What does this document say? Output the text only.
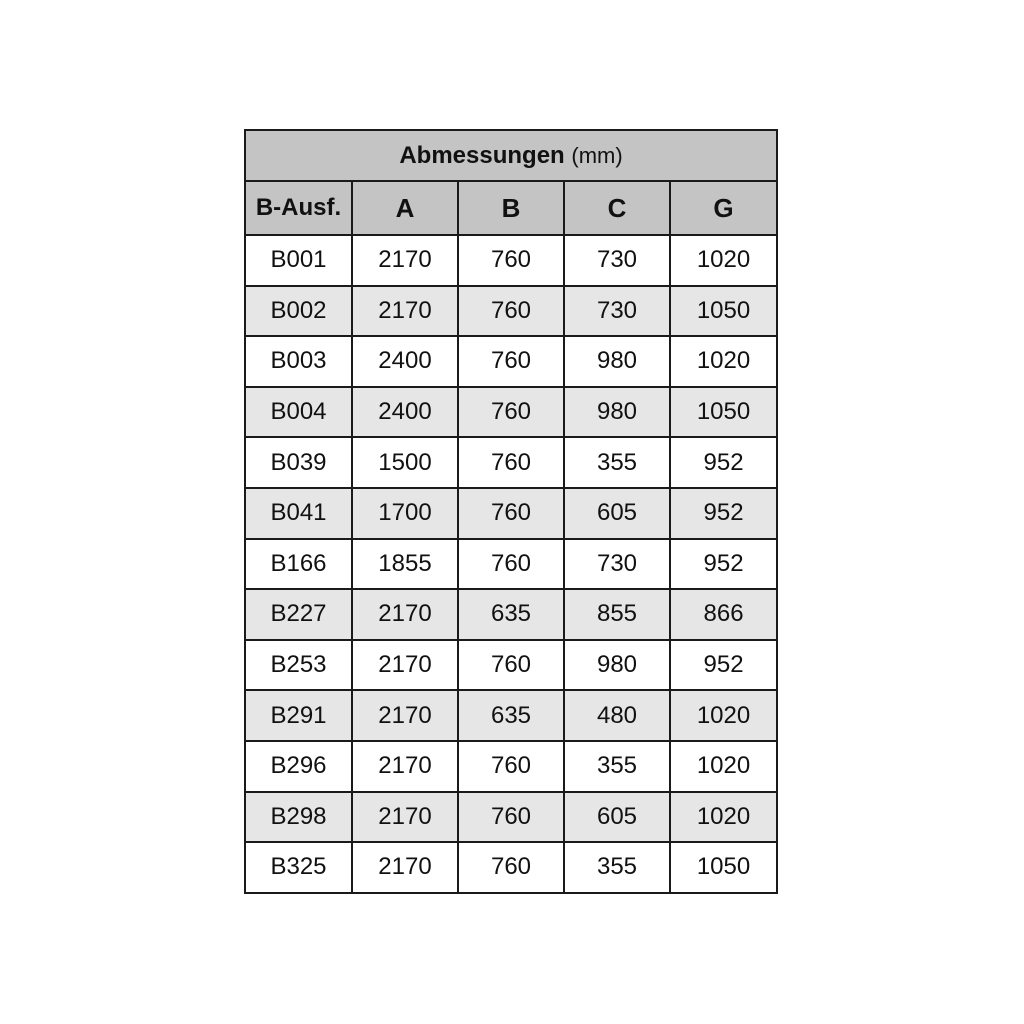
Abmessungen (mm)				
B-Ausf.	A	B	C	G
B001	2170	760	730	1020
B002	2170	760	730	1050
B003	2400	760	980	1020
B004	2400	760	980	1050
B039	1500	760	355	952
B041	1700	760	605	952
B166	1855	760	730	952
B227	2170	635	855	866
B253	2170	760	980	952
B291	2170	635	480	1020
B296	2170	760	355	1020
B298	2170	760	605	1020
B325	2170	760	355	1050
